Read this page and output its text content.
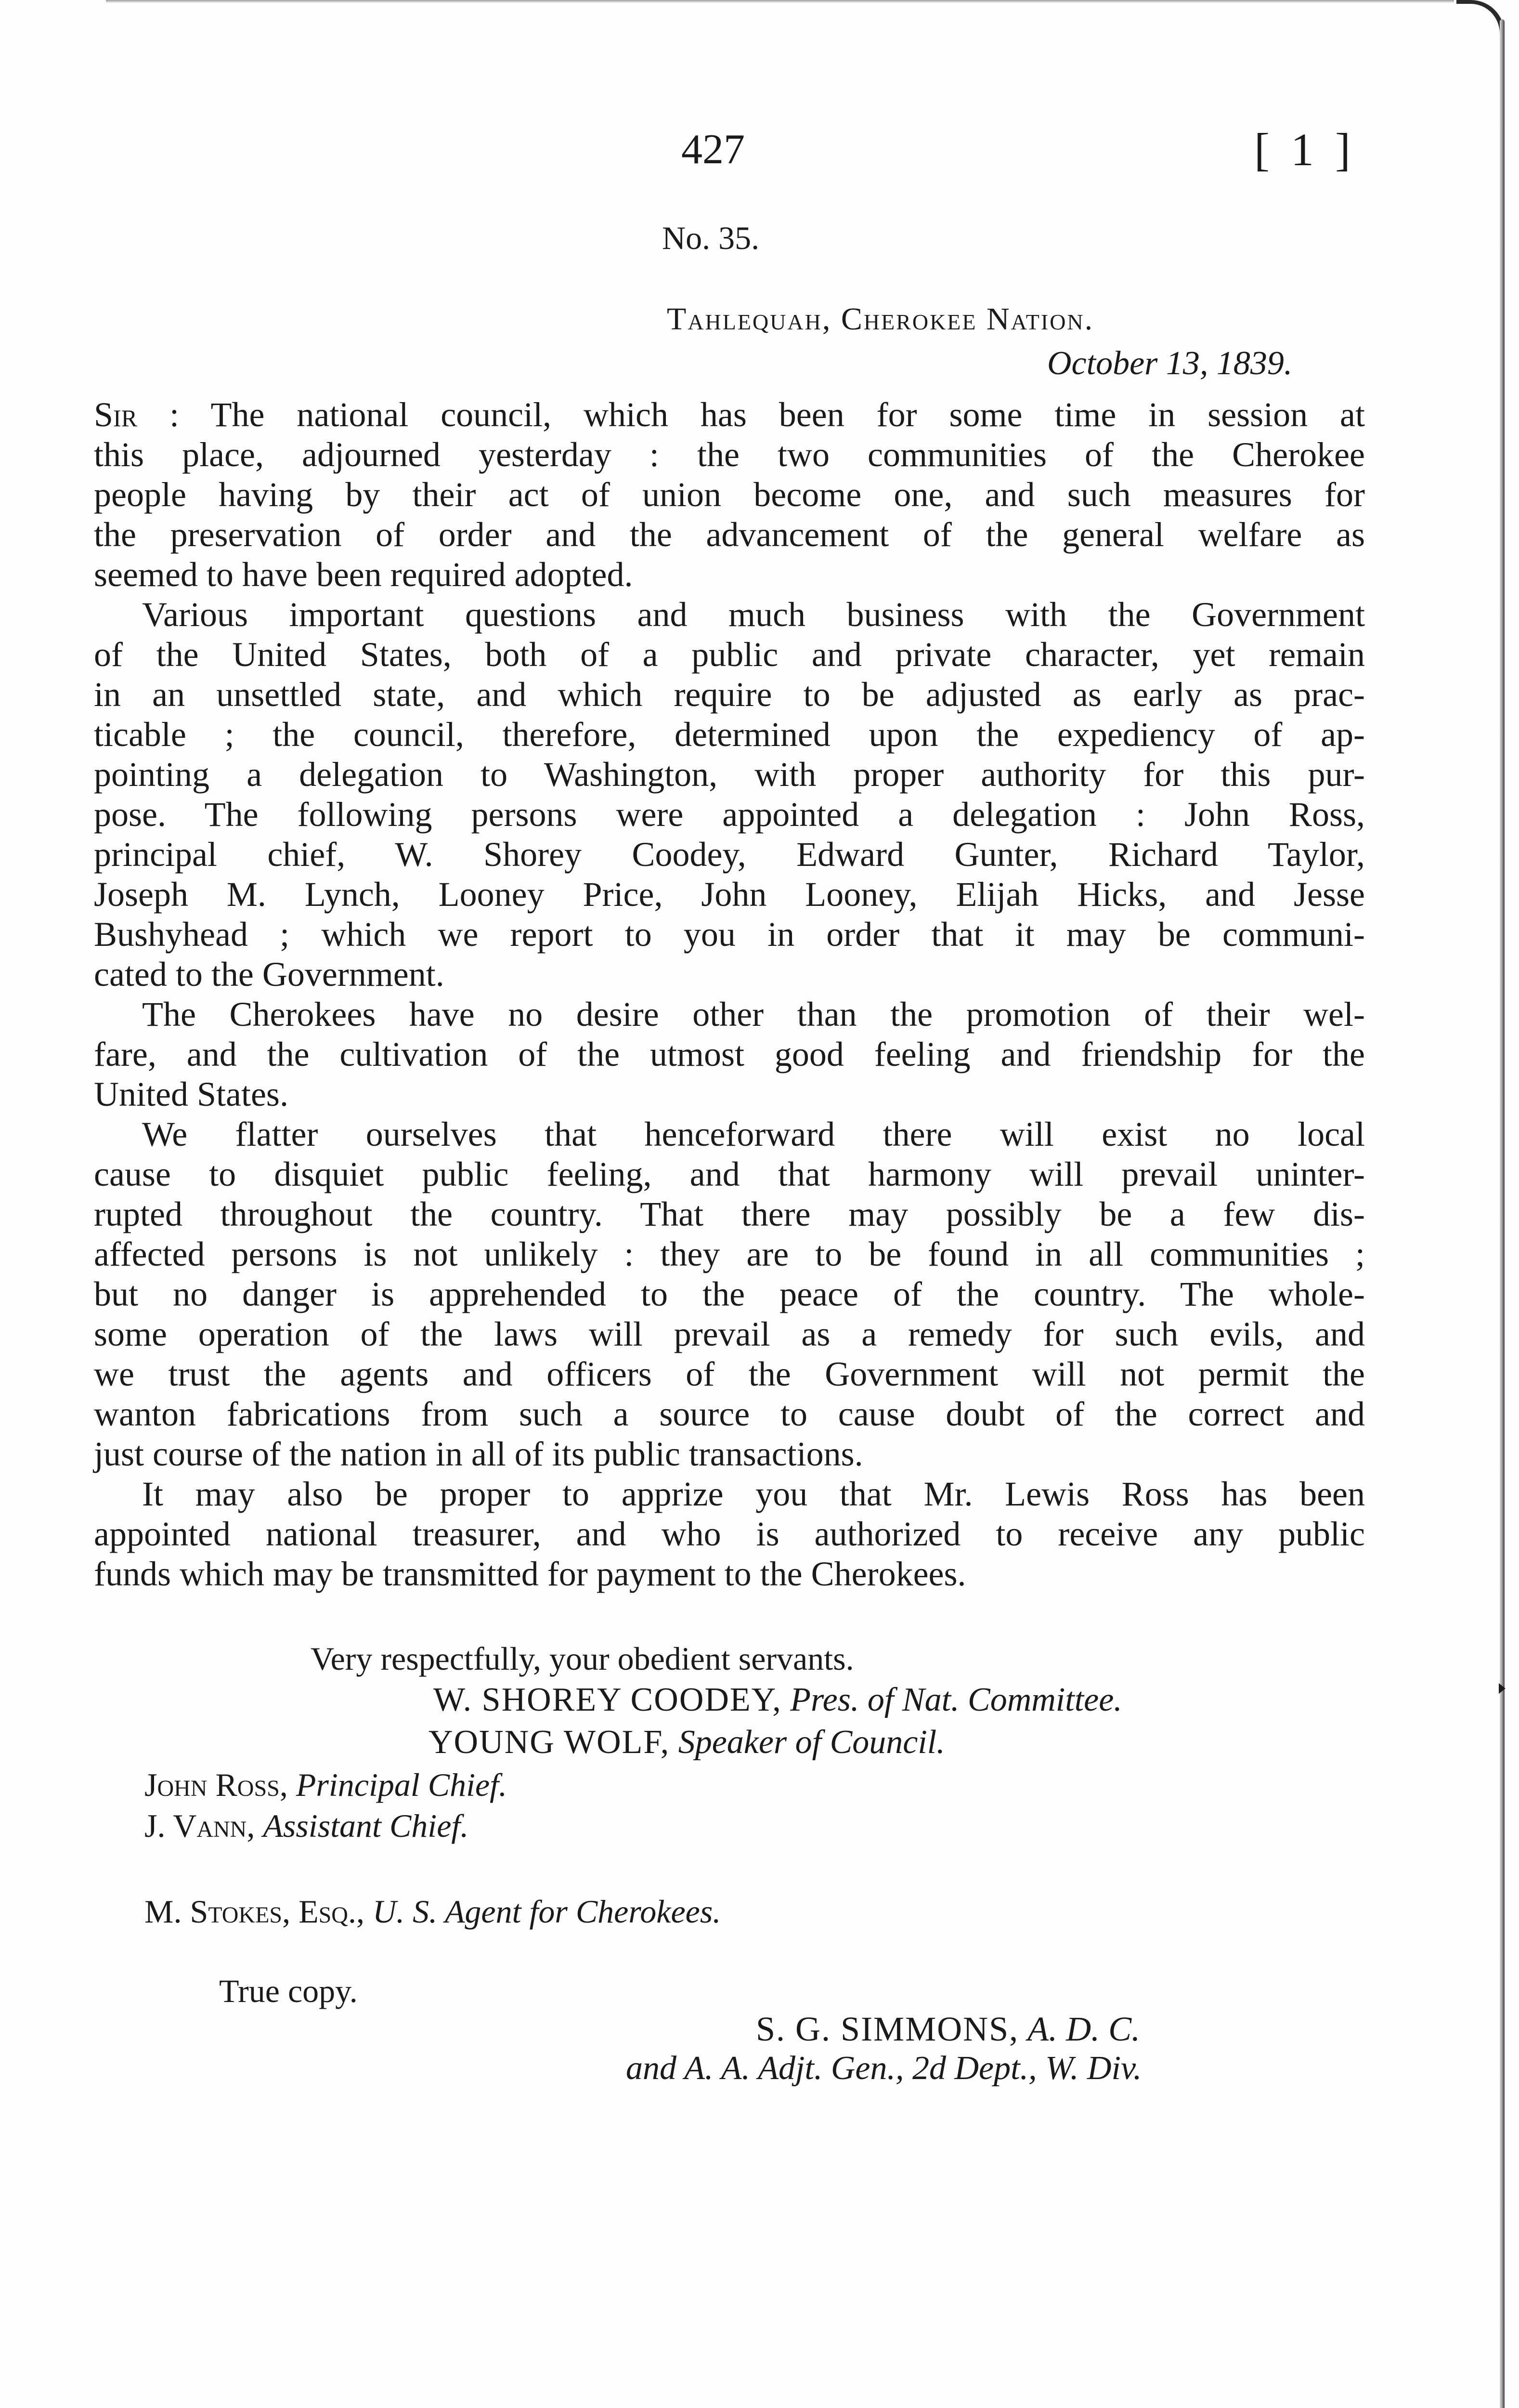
427	[ 1 ]
No. 35.
Tahlequah, Cherokee Nation.
October 13, 1839.
Sir : The national council, which has been for some time in session at
this place, adjourned yesterday : the two communities of the Cherokee
people having by their act of union become one, and such measures for
the preservation of order and the advancement of the general welfare as
seemed to have been required adopted.
Various important questions and much business with the Government
of the United States, both of a public and private character, yet remain
in an unsettled state, and which require to be adjusted as early as prac-
ticable ; the council, therefore, determined upon the expediency of ap-
pointing a delegation to Washington, with proper authority for this pur-
pose. The following persons were appointed a delegation : John Ross,
principal chief, W. Shorey Coodey, Edward Gunter, Richard Taylor,
Joseph M. Lynch, Looney Price, John Looney, Elijah Hicks, and Jesse
Bushyhead ; which we report to you in order that it may be communi-
cated to the Government.
The Cherokees have no desire other than the promotion of their wel-
fare, and the cultivation of the utmost good feeling and friendship for the
United States.
We flatter ourselves that henceforward there will exist no local
cause to disquiet public feeling, and that harmony will prevail uninter-
rupted throughout the country. That there may possibly be a few dis-
affected persons is not unlikely : they are to be found in all communities ;
but no danger is apprehended to the peace of the country. The whole-
some operation of the laws will prevail as a remedy for such evils, and
we trust the agents and officers of the Government will not permit the
wanton fabrications from such a source to cause doubt of the correct and
just course of the nation in all of its public transactions.
It may also be proper to apprize you that Mr. Lewis Ross has been
appointed national treasurer, and who is authorized to receive any public
funds which may be transmitted for payment to the Cherokees.
Very respectfully, your obedient servants.
W. SHOREY COODEY, Pres. of Nat. Committee.
YOUNG WOLF, Speaker of Council.
John Ross, Principal Chief.
J. Vann, Assistant Chief.
M. Stokes, Esq., U. S. Agent for Cherokees.
True copy.
S. G. SIMMONS, A. D. C.
and A. A. Adjt. Gen., 2d Dept., W. Div.
